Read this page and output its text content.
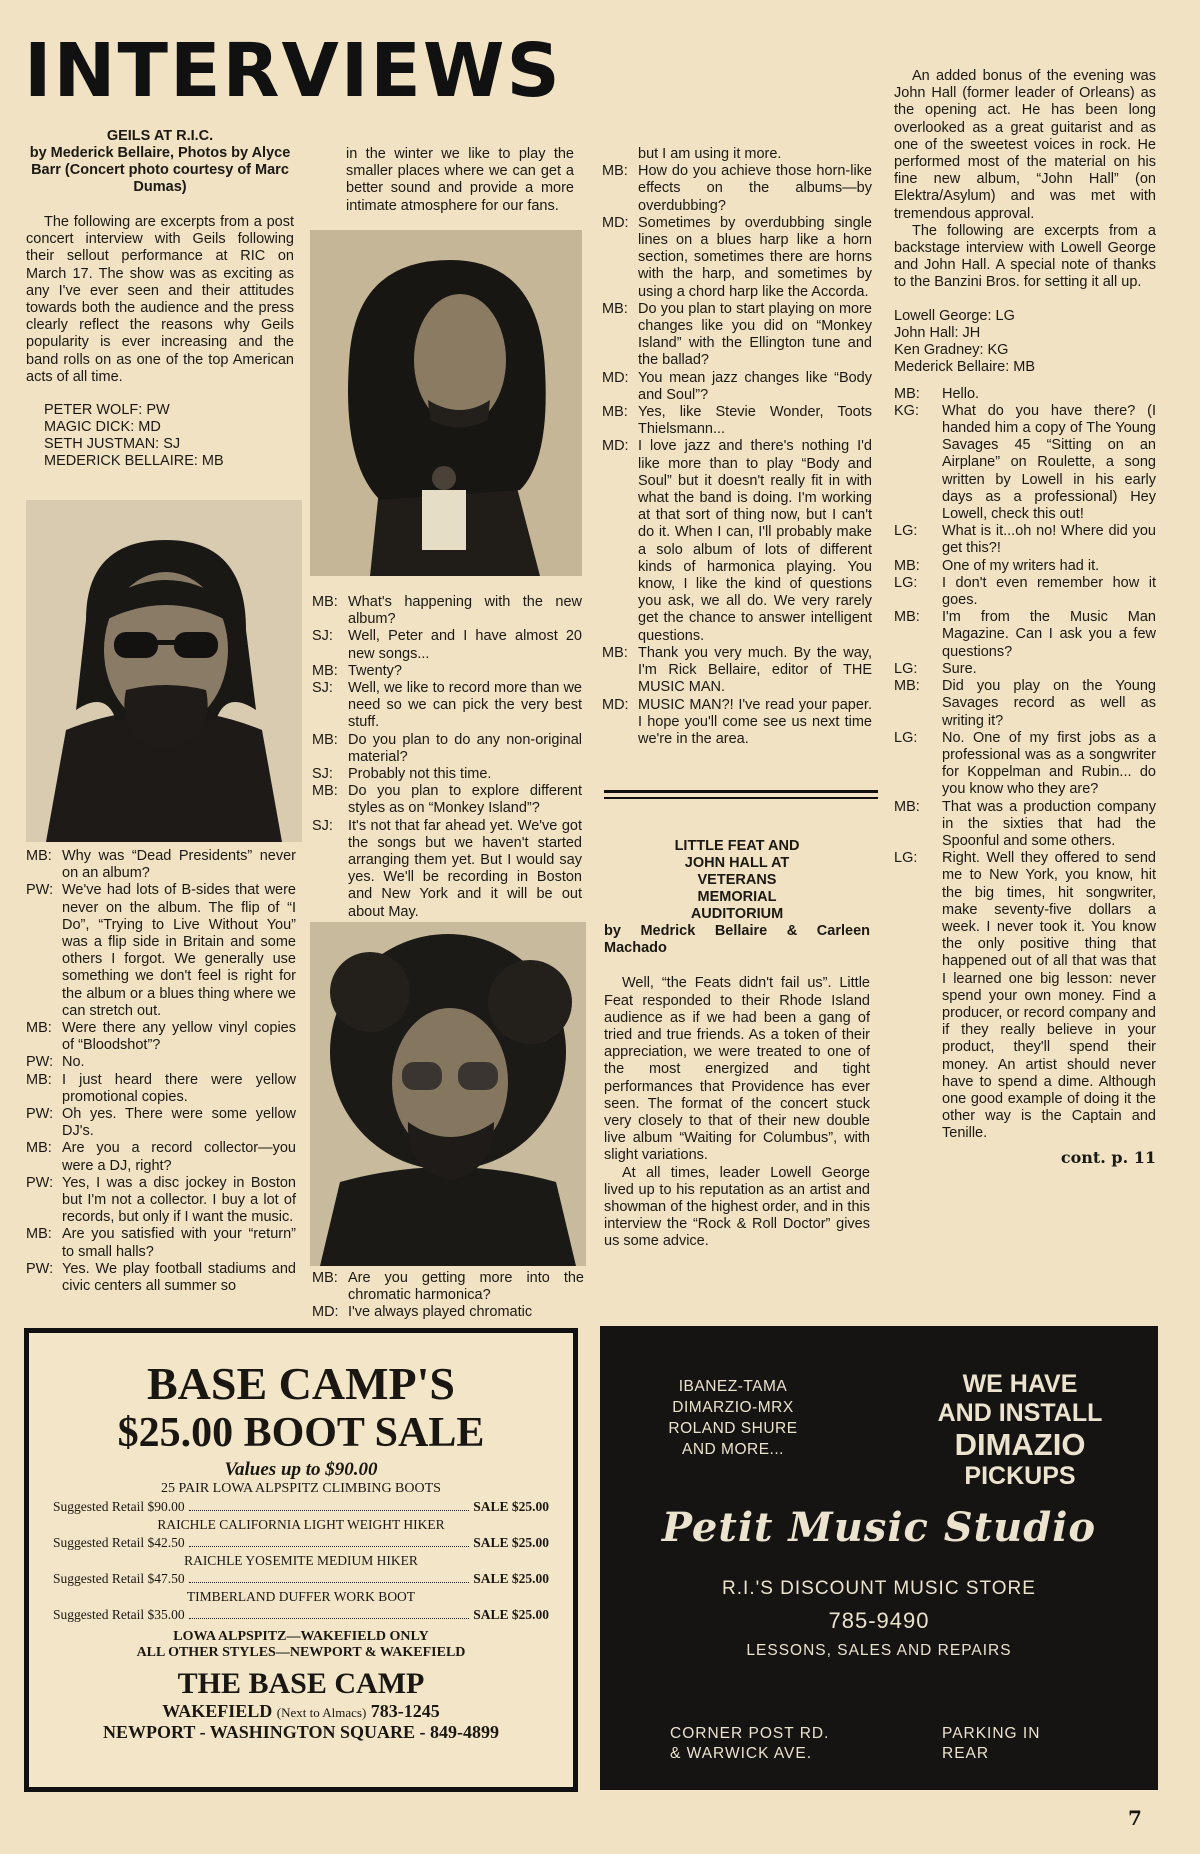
INTERVIEWS
GEILS AT R.I.C.
by Mederick Bellaire, Photos by Alyce Barr (Concert photo courtesy of Marc Dumas)

The following are excerpts from a post concert interview with Geils following their sellout performance at RIC on March 17. The show was as exciting as any I've ever seen and their attitudes towards both the audience and the press clearly reflect the reasons why Geils popularity is ever increasing and the band rolls on as one of the top American acts of all time.

PETER WOLF: PW
MAGIC DICK: MD
SETH JUSTMAN: SJ
MEDERICK BELLAIRE: MB
MB: Why was “Dead Presidents” never on an album?
PW: We've had lots of B-sides that were never on the album. The flip of “I Do”, “Trying to Live Without You” was a flip side in Britain and some others I forgot. We generally use something we don't feel is right for the album or a blues thing where we can stretch out.
MB: Were there any yellow vinyl copies of “Bloodshot”?
PW: No.
MB: I just heard there were yellow promotional copies.
PW: Oh yes. There were some yellow DJ's.
MB: Are you a record collector—you were a DJ, right?
PW: Yes, I was a disc jockey in Boston but I'm not a collector. I buy a lot of records, but only if I want the music.
MB: Are you satisfied with your “return” to small halls?
PW: Yes. We play football stadiums and civic centers all summer so
in the winter we like to play the smaller places where we can get a better sound and provide a more intimate atmosphere for our fans.
MB: What's happening with the new album?
SJ:	Well, Peter and I have almost 20 new songs...
MB: Twenty?
SJ:	Well, we like to record more than we need so we can pick the very best stuff.
MB: Do you plan to do any non-original material?
SJ:	Probably not this time.
MB: Do you plan to explore different styles as on “Monkey Island”?
SJ:	It's not that far ahead yet. We've got the songs but we haven't started arranging them yet. But I would say yes. We'll be recording in Boston and New York and it will be out about May.
MB: Are you getting more into the chromatic harmonica?
MD: I've always played chromatic
but I am using it more.
MB: How do you achieve those horn-like effects on the albums—by overdubbing?
MD: Sometimes by overdubbing single lines on a blues harp like a horn section, sometimes there are horns with the harp, and sometimes by using a chord harp like the Accorda.
MB: Do you plan to start playing on more changes like you did on “Monkey Island” with the Ellington tune and the ballad?
MD: You mean jazz changes like “Body and Soul”?
MB: Yes, like Stevie Wonder, Toots Thielsmann...
MD: I love jazz and there's nothing I'd like more than to play “Body and Soul” but it doesn't really fit in with what the band is doing. I'm working at that sort of thing now, but I can't do it. When I can, I'll probably make a solo album of lots of different kinds of harmonica playing. You know, I like the kind of questions you ask, we all do. We very rarely get the chance to answer intelligent questions.
MB: Thank you very much. By the way, I'm Rick Bellaire, editor of THE MUSIC MAN.
MD: MUSIC MAN?! I've read your paper. I hope you'll come see us next time we're in the area.
LITTLE FEAT AND JOHN HALL AT VETERANS MEMORIAL AUDITORIUM
by Medrick Bellaire & Carleen Machado

Well, “the Feats didn't fail us”. Little Feat responded to their Rhode Island audience as if we had been a gang of tried and true friends. As a token of their appreciation, we were treated to one of the most energized and tight performances that Providence has ever seen. The format of the concert stuck very closely to that of their new double live album “Waiting for Columbus”, with slight variations.

At all times, leader Lowell George lived up to his reputation as an artist and showman of the highest order, and in this interview the “Rock & Roll Doctor” gives us some advice.

An added bonus of the evening was John Hall (former leader of Orleans) as the opening act. He has been long overlooked as a great guitarist and as one of the sweetest voices in rock. He performed most of the material on his fine new album, “John Hall” (on Elektra/Asylum) and was met with tremendous approval.

The following are excerpts from a backstage interview with Lowell George and John Hall. A special note of thanks to the Banzini Bros. for setting it all up.

Lowell George: LG
John Hall: JH
Ken Gradney: KG
Mederick Bellaire: MB
MB:	Hello.
KG:	What do you have there? (I handed him a copy of The Young Savages 45 “Sitting on an Airplane” on Roulette, a song written by Lowell in his early days as a professional) Hey Lowell, check this out!
LG:	What is it...oh no! Where did you get this?!
MB:	One of my writers had it.
LG:	I don't even remember how it goes.
MB:	I'm from the Music Man Magazine. Can I ask you a few questions?
LG:	Sure.
MB:	Did you play on the Young Savages record as well as writing it?
LG:	No. One of my first jobs as a professional was as a songwriter for Koppelman and Rubin... do you know who they are?
MB:	That was a production company in the sixties that had the Spoonful and some others.
LG:	Right. Well they offered to send me to New York, you know, hit the big times, hit songwriter, make seventy-five dollars a week. I never took it. You know the only positive thing that happened out of all that was that I learned one big lesson: never spend your own money. Find a producer, or record company and if they really believe in your product, they'll spend their money. An artist should never have to spend a dime. Although one good example of doing it the other way is the Captain and Tenille.
cont. p. 11
BASE CAMP'S
$25.00 BOOT SALE
Values up to $90.00
25 PAIR LOWA ALPSPITZ CLIMBING BOOTS
Suggested Retail $90.00	SALE $25.00
RAICHLE CALIFORNIA LIGHT WEIGHT HIKER
Suggested Retail $42.50	SALE $25.00
RAICHLE YOSEMITE MEDIUM HIKER
Suggested Retail $47.50	SALE $25.00
TIMBERLAND DUFFER WORK BOOT
Suggested Retail $35.00	SALE $25.00
LOWA ALPSPITZ—WAKEFIELD ONLY
ALL OTHER STYLES—NEWPORT & WAKEFIELD
THE BASE CAMP
WAKEFIELD (Next to Almacs) 783-1245
NEWPORT - WASHINGTON SQUARE - 849-4899
IBANEZ-TAMA
DIMARZIO-MRX
ROLAND SHURE
AND MORE...
WE HAVE
AND INSTALL
DIMAZIO
PICKUPS
Petit Music Studio
R.I.'S DISCOUNT MUSIC STORE
785-9490
LESSONS, SALES AND REPAIRS
CORNER POST RD.
& WARWICK AVE.
PARKING IN
REAR
7
